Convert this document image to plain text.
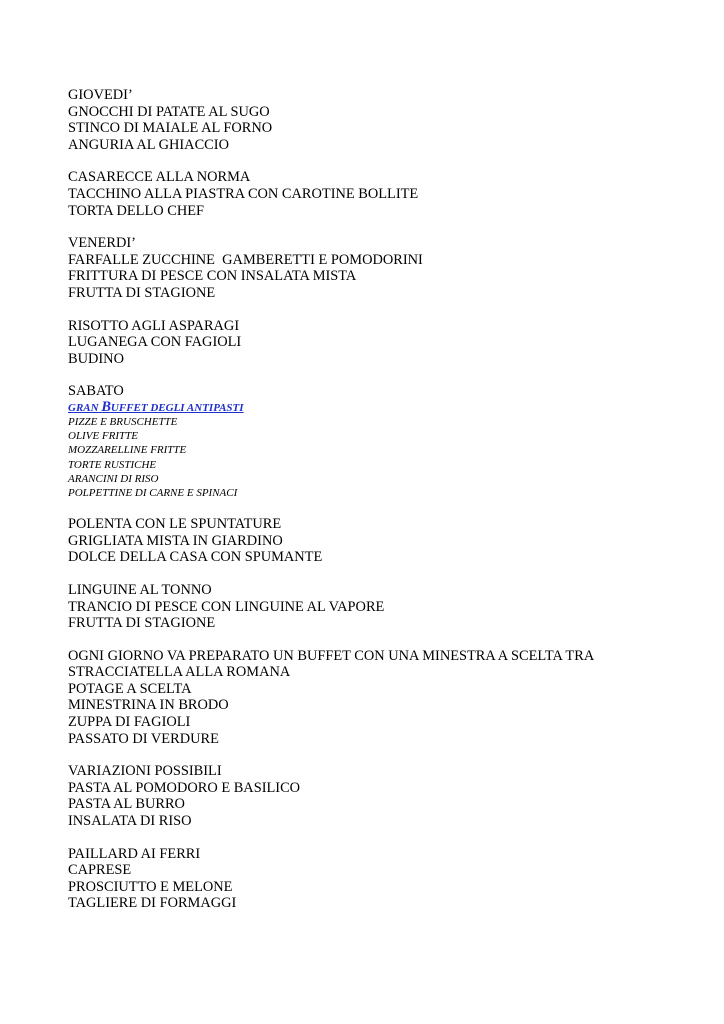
GIOVEDI’
GNOCCHI DI PATATE AL SUGO
STINCO DI MAIALE AL FORNO
ANGURIA AL GHIACCIO
CASARECCE ALLA NORMA
TACCHINO ALLA PIASTRA CON CAROTINE BOLLITE
TORTA DELLO CHEF
VENERDI’
FARFALLE ZUCCHINE  GAMBERETTI E POMODORINI
FRITTURA DI PESCE CON INSALATA MISTA
FRUTTA DI STAGIONE
RISOTTO AGLI ASPARAGI
LUGANEGA CON FAGIOLI
BUDINO
SABATO
GRAN BUFFET DEGLI ANTIPASTI
PIZZE E BRUSCHETTE
OLIVE FRITTE
MOZZARELLINE FRITTE
TORTE RUSTICHE
ARANCINI DI RISO
POLPETTINE DI CARNE E SPINACI
POLENTA CON LE SPUNTATURE
GRIGLIATA MISTA IN GIARDINO
DOLCE DELLA CASA CON SPUMANTE
LINGUINE AL TONNO
TRANCIO DI PESCE CON LINGUINE AL VAPORE
FRUTTA DI STAGIONE
OGNI GIORNO VA PREPARATO UN BUFFET CON UNA MINESTRA A SCELTA TRA
STRACCIATELLA ALLA ROMANA
POTAGE A SCELTA
MINESTRINA IN BRODO
ZUPPA DI FAGIOLI
PASSATO DI VERDURE
VARIAZIONI POSSIBILI
PASTA AL POMODORO E BASILICO
PASTA AL BURRO
INSALATA DI RISO
PAILLARD AI FERRI
CAPRESE
PROSCIUTTO E MELONE
TAGLIERE DI FORMAGGI
